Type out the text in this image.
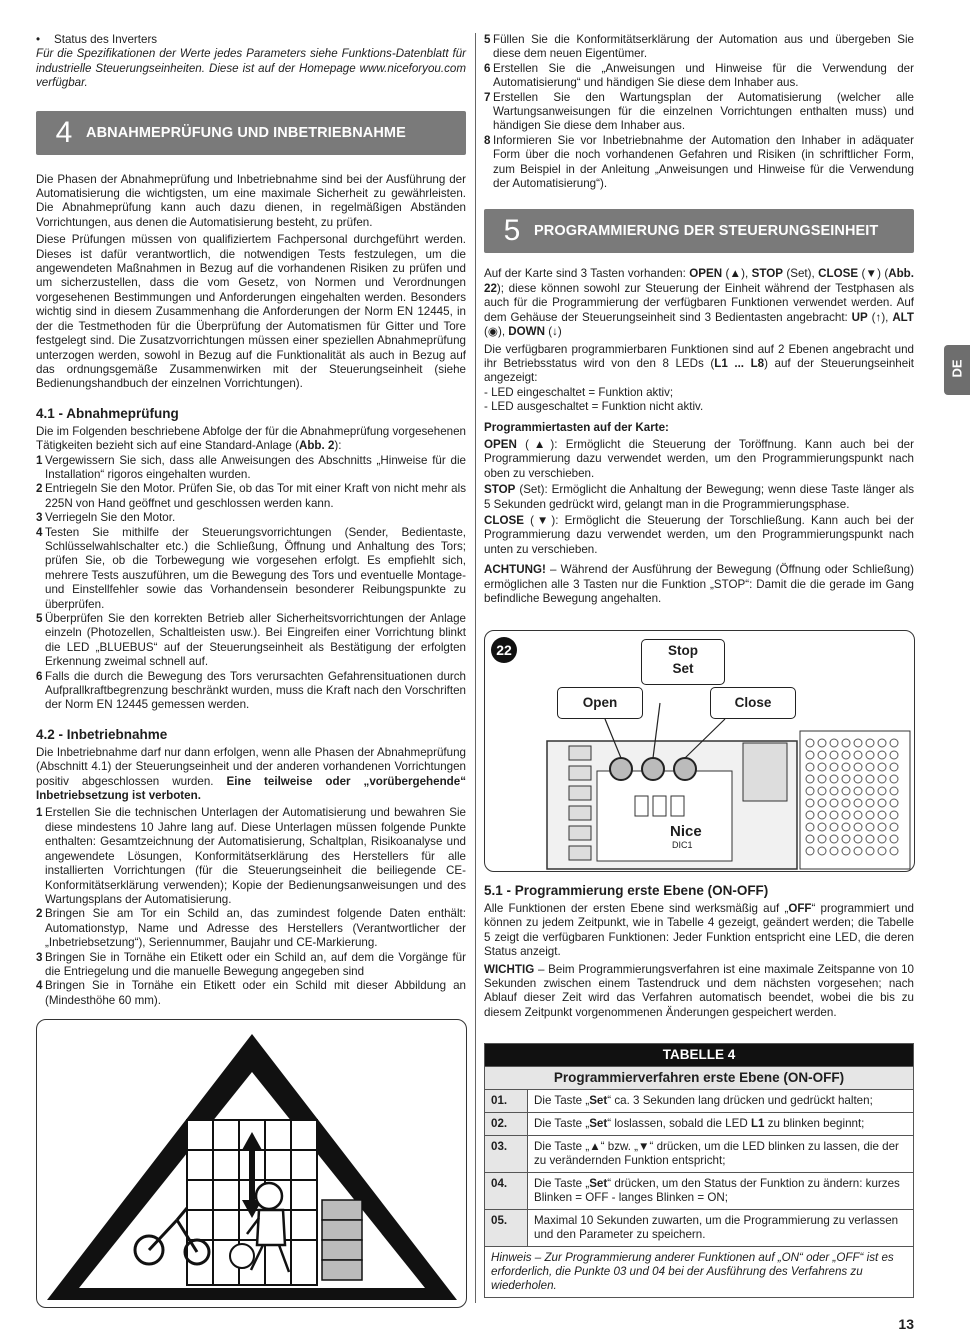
• Status des Inverters

Für die Spezifikationen der Werte jedes Parameters siehe Funktions-Datenblatt für industrielle Steuerungseinheiten. Diese ist auf der Homepage www.niceforyou.com verfügbar.

4 ABNAHMEPRÜFUNG UND INBETRIEBNAHME

Die Phasen der Abnahmeprüfung und Inbetriebnahme sind bei der Ausführung der Automatisierung die wichtigsten, um eine maximale Sicherheit zu gewährleisten. Die Abnahmeprüfung kann auch dazu dienen, in regelmäßigen Abständen Vorrichtungen, aus denen die Automatisierung besteht, zu prüfen.

Diese Prüfungen müssen von qualifiziertem Fachpersonal durchgeführt werden. Dieses ist dafür verantwortlich, die notwendigen Tests festzulegen, um die angewendeten Maßnahmen in Bezug auf die vorhandenen Risiken zu prüfen und um sicherzustellen, dass die vom Gesetz, von Normen und Verordnungen vorgesehenen Bestimmungen und Anforderungen eingehalten werden. Besonders wichtig sind in diesem Zusammenhang die Anforderungen der Norm EN 12445, in der die Testmethoden für die Überprüfung der Automatismen für Gitter und Tore festgelegt sind. Die Zusatzvorrichtungen müssen einer speziellen Abnahmeprüfung unterzogen werden, sowohl in Bezug auf die Funktionalität als auch in Bezug auf das ordnungsgemäße Zusammenwirken mit der Steuerungseinheit (siehe Bedienungshandbuch der einzelnen Vorrichtungen).

4.1 - Abnahmeprüfung

Die im Folgenden beschriebene Abfolge der für die Abnahmeprüfung vorgesehenen Tätigkeiten bezieht sich auf eine Standard-Anlage (Abb. 2):

1 Vergewissern Sie sich, dass alle Anweisungen des Abschnitts „Hinweise für die Installation“ rigoros eingehalten wurden.
2 Entriegeln Sie den Motor. Prüfen Sie, ob das Tor mit einer Kraft von nicht mehr als 225N von Hand geöffnet und geschlossen werden kann.
3 Verriegeln Sie den Motor.
4 Testen Sie mithilfe der Steuerungsvorrichtungen (Sender, Bedientaste, Schlüsselwahlschalter etc.) die Schließung, Öffnung und Anhaltung des Tors; prüfen Sie, ob die Torbewegung wie vorgesehen erfolgt. Es empfiehlt sich, mehrere Tests auszuführen, um die Bewegung des Tors und eventuelle Montage- und Einstellfehler sowie das Vorhandensein besonderer Reibungspunkte zu überprüfen.
5 Überprüfen Sie den korrekten Betrieb aller Sicherheitsvorrichtungen der Anlage einzeln (Photozellen, Schaltleisten usw.). Bei Eingreifen einer Vorrichtung blinkt die LED „BLUEBUS“ auf der Steuerungseinheit als Bestätigung der erfolgten Erkennung zweimal schnell auf.
6 Falls die durch die Bewegung des Tors verursachten Gefahrensituationen durch Aufprallkraftbegrenzung beschränkt wurden, muss die Kraft nach den Vorschriften der Norm EN 12445 gemessen werden.
4.2 - Inbetriebnahme

Die Inbetriebnahme darf nur dann erfolgen, wenn alle Phasen der Abnahmeprüfung (Abschnitt 4.1) der Steuerungseinheit und der anderen vorhandenen Vorrichtungen positiv abgeschlossen wurden. Eine teilweise oder „vorübergehende“ Inbetriebsetzung ist verboten.

1 Erstellen Sie die technischen Unterlagen der Automatisierung und bewahren Sie diese mindestens 10 Jahre lang auf. Diese Unterlagen müssen folgende Punkte enthalten: Gesamtzeichnung der Automatisierung, Schaltplan, Risikoanalyse und angewendete Lösungen, Konformitätserklärung des Herstellers für alle installierten Vorrichtungen (für die Steuerungseinheit die beiliegende CE-Konformitätserklärung verwenden); Kopie der Bedienungsanweisungen und des Wartungsplans der Automatisierung.
2 Bringen Sie am Tor ein Schild an, das zumindest folgende Daten enthält: Automationstyp, Name und Adresse des Herstellers (Verantwortlicher der „Inbetriebsetzung“), Seriennummer, Baujahr und CE-Markierung.
3 Bringen Sie in Tornähe ein Etikett oder ein Schild an, auf dem die Vorgänge für die Entriegelung und die manuelle Bewegung angegeben sind
4 Bringen Sie in Tornähe ein Etikett oder ein Schild mit dieser Abbildung an (Mindesthöhe 60 mm).
5 Füllen Sie die Konformitätserklärung der Automation aus und übergeben Sie diese dem neuen Eigentümer.
6 Erstellen Sie die „Anweisungen und Hinweise für die Verwendung der Automatisierung“ und händigen Sie diese dem Inhaber aus.
7 Erstellen Sie den Wartungsplan der Automatisierung (welcher alle Wartungsanweisungen für die einzelnen Vorrichtungen enthalten muss) und händigen Sie diese dem Inhaber aus.
8 Informieren Sie vor Inbetriebnahme der Automation den Inhaber in adäquater Form über die noch vorhandenen Gefahren und Risiken (in schriftlicher Form, zum Beispiel in der Anleitung „Anweisungen und Hinweise für die Verwendung der Automatisierung“).
5 PROGRAMMIERUNG DER STEUERUNGSEINHEIT

Auf der Karte sind 3 Tasten vorhanden: OPEN (▲), STOP (Set), CLOSE (▼) (Abb. 22); diese können sowohl zur Steuerung der Einheit während der Testphasen als auch für die Programmierung der verfügbaren Funktionen verwendet werden. Auf dem Gehäuse der Steuerungseinheit sind 3 Bedientasten angebracht: UP (↑), ALT (◉), DOWN (↓)

Die verfügbaren programmierbaren Funktionen sind auf 2 Ebenen angebracht und ihr Betriebsstatus wird von den 8 LEDs (L1 ... L8) auf der Steuerungseinheit angezeigt:

- LED eingeschaltet = Funktion aktiv;

- LED ausgeschaltet = Funktion nicht aktiv.

Programmiertasten auf der Karte:

OPEN (▲): Ermöglicht die Steuerung der Toröffnung. Kann auch bei der Programmierung dazu verwendet werden, um den Programmierungspunkt nach oben zu verschieben.

STOP (Set): Ermöglicht die Anhaltung der Bewegung; wenn diese Taste länger als 5 Sekunden gedrückt wird, gelangt man in die Programmierungsphase.

CLOSE (▼): Ermöglicht die Steuerung der Torschließung. Kann auch bei der Programmierung dazu verwendet werden, um den Programmierungspunkt nach unten zu verschieben.

ACHTUNG! – Während der Ausführung der Bewegung (Öffnung oder Schließung) ermöglichen alle 3 Tasten nur die Funktion „STOP“: Damit die die gerade im Gang befindliche Bewegung angehalten.

22	Stop
Set
Open	Close
Nice
DIC1
5.1 - Programmierung erste Ebene (ON-OFF)

Alle Funktionen der ersten Ebene sind werksmäßig auf „OFF“ programmiert und können zu jedem Zeitpunkt, wie in Tabelle 4 gezeigt, geändert werden; die Tabelle 5 zeigt die verfügbaren Funktionen: Jeder Funktion entspricht eine LED, die deren Status anzeigt.

WICHTIG – Beim Programmierungsverfahren ist eine maximale Zeitspanne von 10 Sekunden zwischen einem Tastendruck und dem nächsten vorgesehen; nach Ablauf dieser Zeit wird das Verfahren automatisch beendet, wobei die bis zu diesem Zeitpunkt vorgenommenen Änderungen gespeichert werden.

TABELLE 4	
Programmierverfahren erste Ebene (ON-OFF)	
01.	Die Taste „Set“ ca. 3 Sekunden lang drücken und gedrückt halten;
02.	Die Taste „Set“ loslassen, sobald die LED L1 zu blinken beginnt;
03.	Die Taste „▲“ bzw. „▼“ drücken, um die LED blinken zu lassen, die der zu verändernden Funktion entspricht;
04.	Die Taste „Set“ drücken, um den Status der Funktion zu ändern: kurzes Blinken = OFF - langes Blinken = ON;
05.	Maximal 10 Sekunden zuwarten, um die Programmierung zu verlassen und den Parameter zu speichern.
Hinweis – Zur Programmierung anderer Funktionen auf „ON“ oder „OFF“ ist es erforderlich, die Punkte 03 und 04 bei der Ausführung des Verfahrens zu wiederholen.	
DE
13
